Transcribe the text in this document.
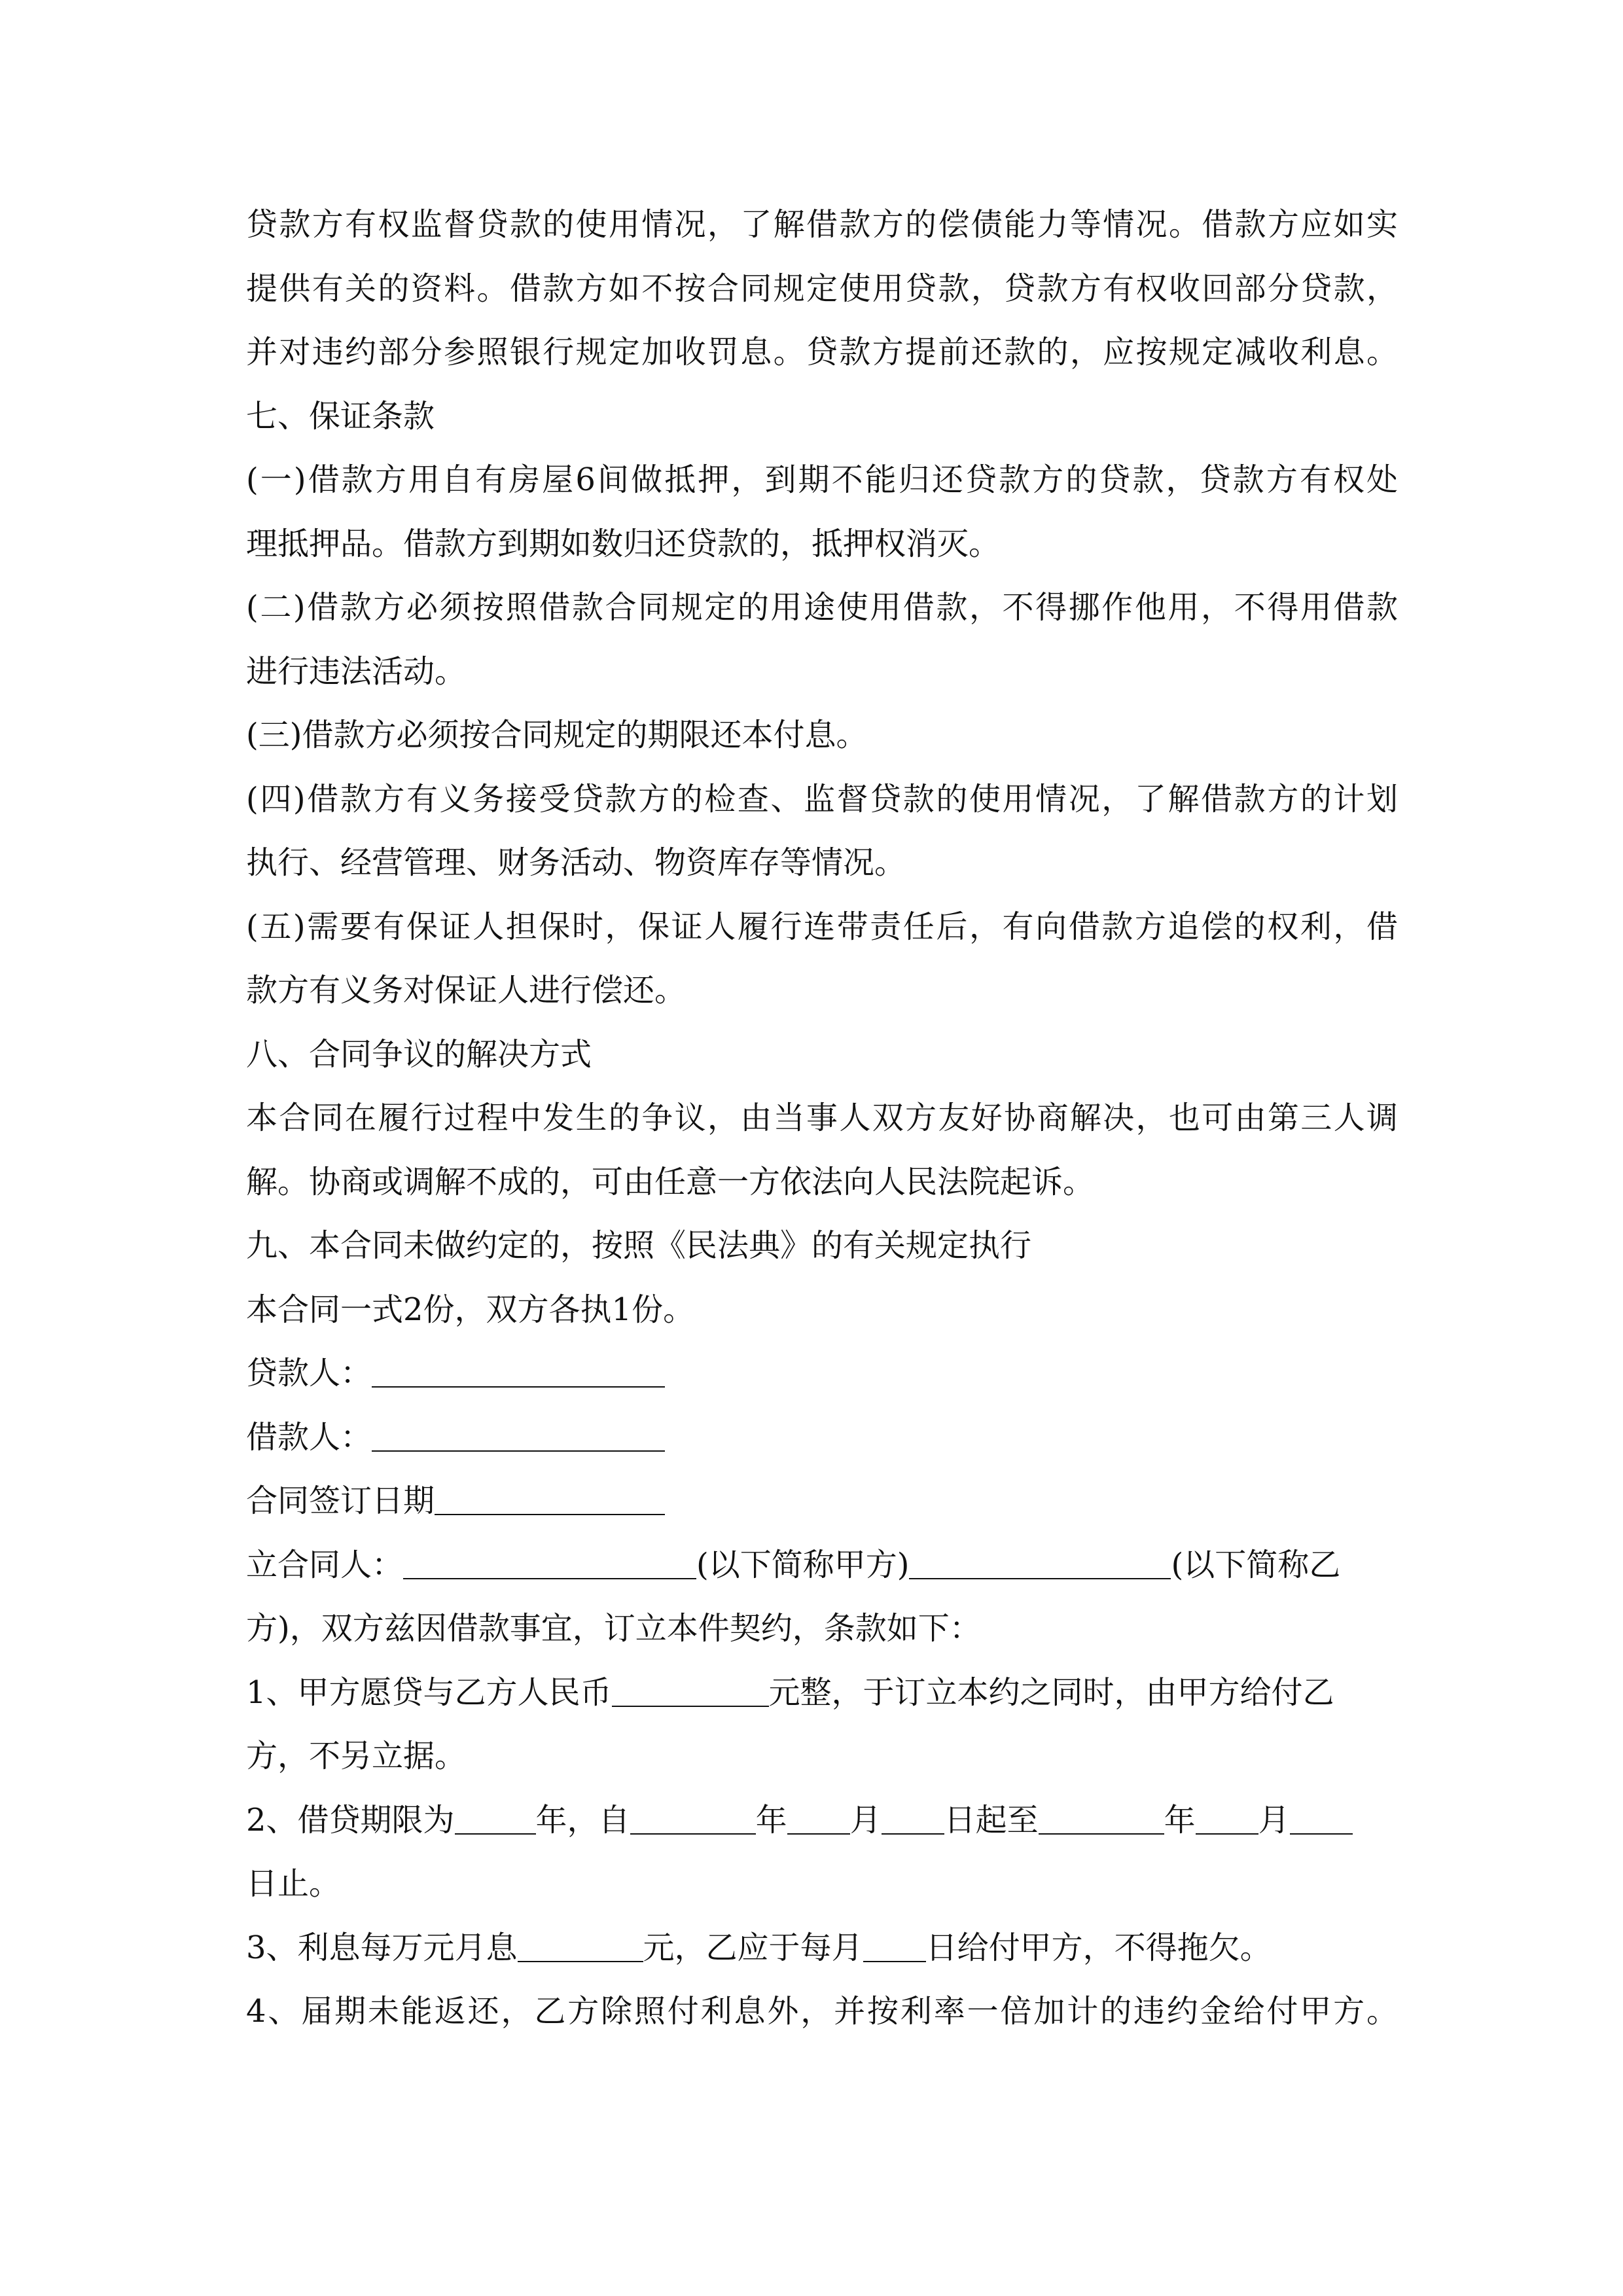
贷款方有权监督贷款的使用情况，了解借款方的偿债能力等情况。借款方应如实
提供有关的资料。借款方如不按合同规定使用贷款，贷款方有权收回部分贷款，
并对违约部分参照银行规定加收罚息。贷款方提前还款的，应按规定减收利息。
七、保证条款
(一)借款方用自有房屋6间做抵押，到期不能归还贷款方的贷款，贷款方有权处
理抵押品。借款方到期如数归还贷款的，抵押权消灭。
(二)借款方必须按照借款合同规定的用途使用借款，不得挪作他用，不得用借款
进行违法活动。
(三)借款方必须按合同规定的期限还本付息。
(四)借款方有义务接受贷款方的检查、监督贷款的使用情况，了解借款方的计划
执行、经营管理、财务活动、物资库存等情况。
(五)需要有保证人担保时，保证人履行连带责任后，有向借款方追偿的权利，借
款方有义务对保证人进行偿还。
八、合同争议的解决方式
本合同在履行过程中发生的争议，由当事人双方友好协商解决，也可由第三人调
解。协商或调解不成的，可由任意一方依法向人民法院起诉。
九、本合同未做约定的，按照《民法典》的有关规定执行
本合同一式2份，双方各执1份。
贷款人：
借款人：
合同签订日期
立合同人：	(以下简称甲方)	(以下简称乙
方)，双方兹因借款事宜，订立本件契约，条款如下：
1、甲方愿贷与乙方人民币	元整，于订立本约之同时，由甲方给付乙
方，不另立据。
2、借贷期限为	年，自	年 月 日起至	年 月
日止。
3、利息每万元月息	元，乙应于每月 日给付甲方，不得拖欠。
4、届期未能返还，乙方除照付利息外，并按利率一倍加计的违约金给付甲方。
